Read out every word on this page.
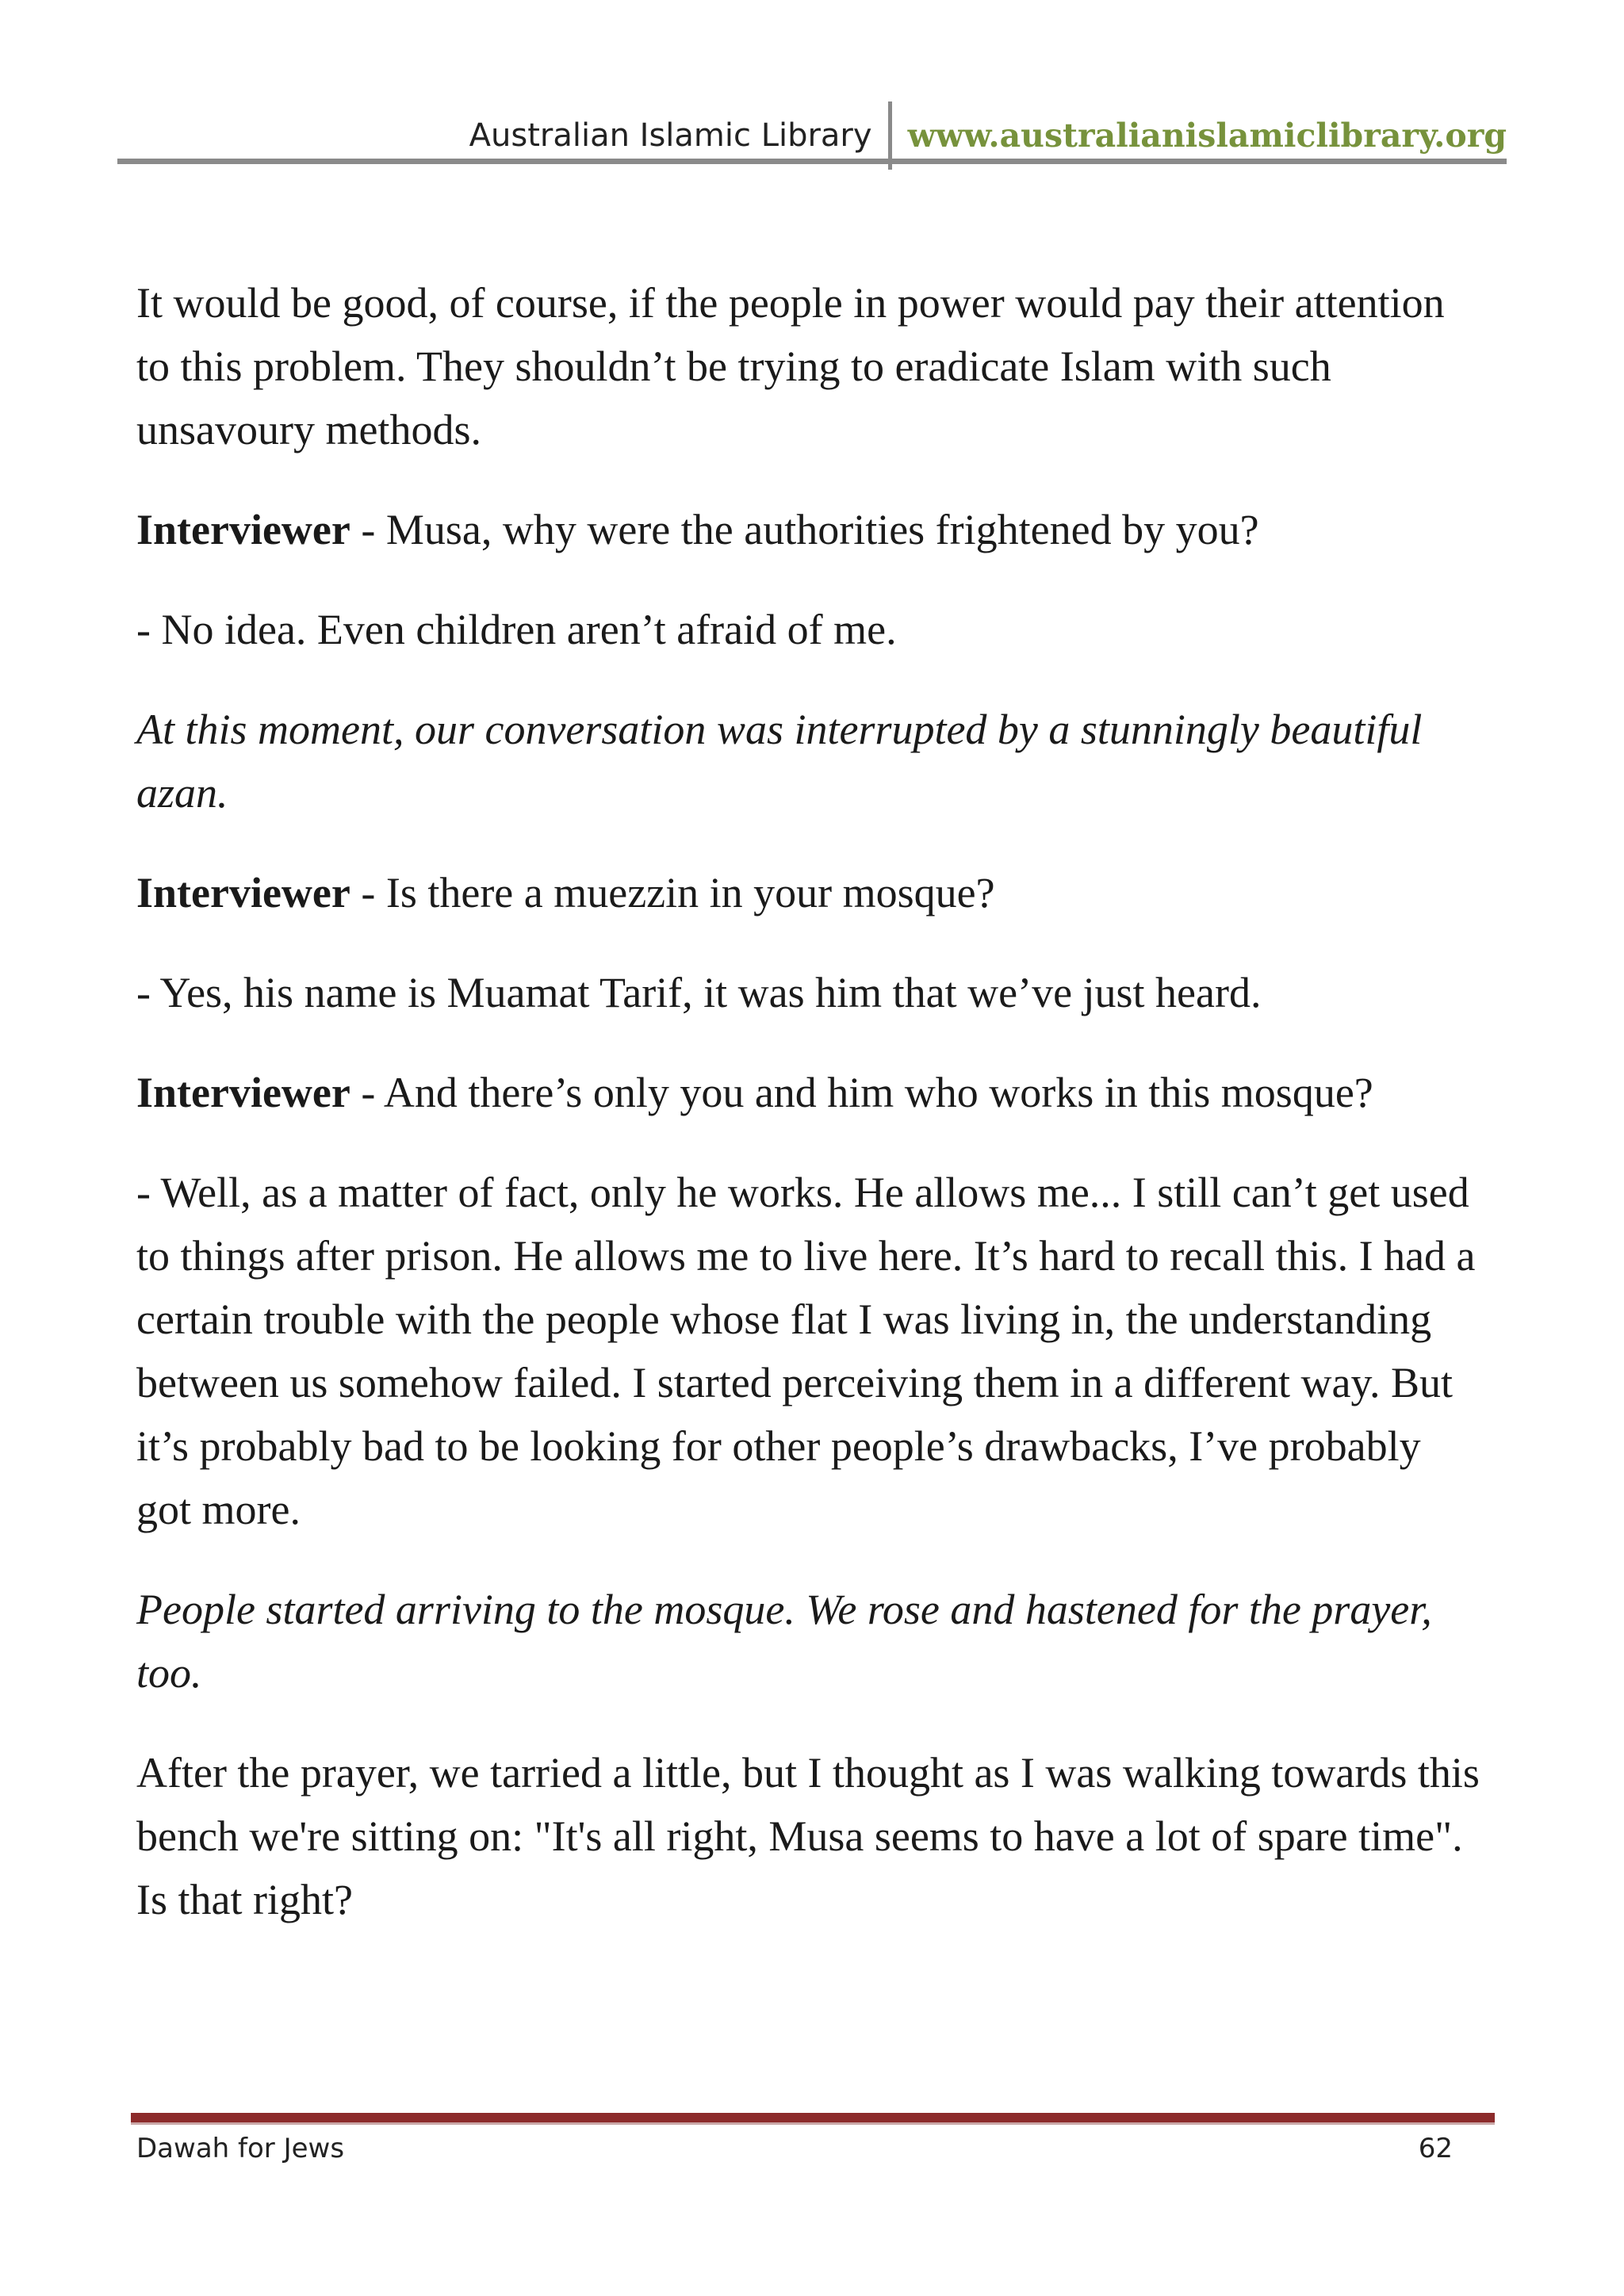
Australian Islamic Library	www.australianislamiclibrary.org

It would be good, of course, if the people in power would pay their attention to this problem. They shouldn’t be trying to eradicate Islam with such unsavoury methods.

Interviewer - Musa, why were the authorities frightened by you?

- No idea. Even children aren’t afraid of me.

At this moment, our conversation was interrupted by a stunningly beautiful azan.

Interviewer - Is there a muezzin in your mosque?

- Yes, his name is Muamat Tarif, it was him that we’ve just heard.

Interviewer - And there’s only you and him who works in this mosque?

- Well, as a matter of fact, only he works. He allows me... I still can’t get used to things after prison. He allows me to live here. It’s hard to recall this. I had a certain trouble with the people whose flat I was living in, the understanding between us somehow failed. I started perceiving them in a different way. But it’s probably bad to be looking for other people’s drawbacks, I’ve probably got more.

People started arriving to the mosque. We rose and hastened for the prayer, too.

After the prayer, we tarried a little, but I thought as I was walking towards this bench we're sitting on: "It's all right, Musa seems to have a lot of spare time". Is that right?

Dawah for Jews	62
